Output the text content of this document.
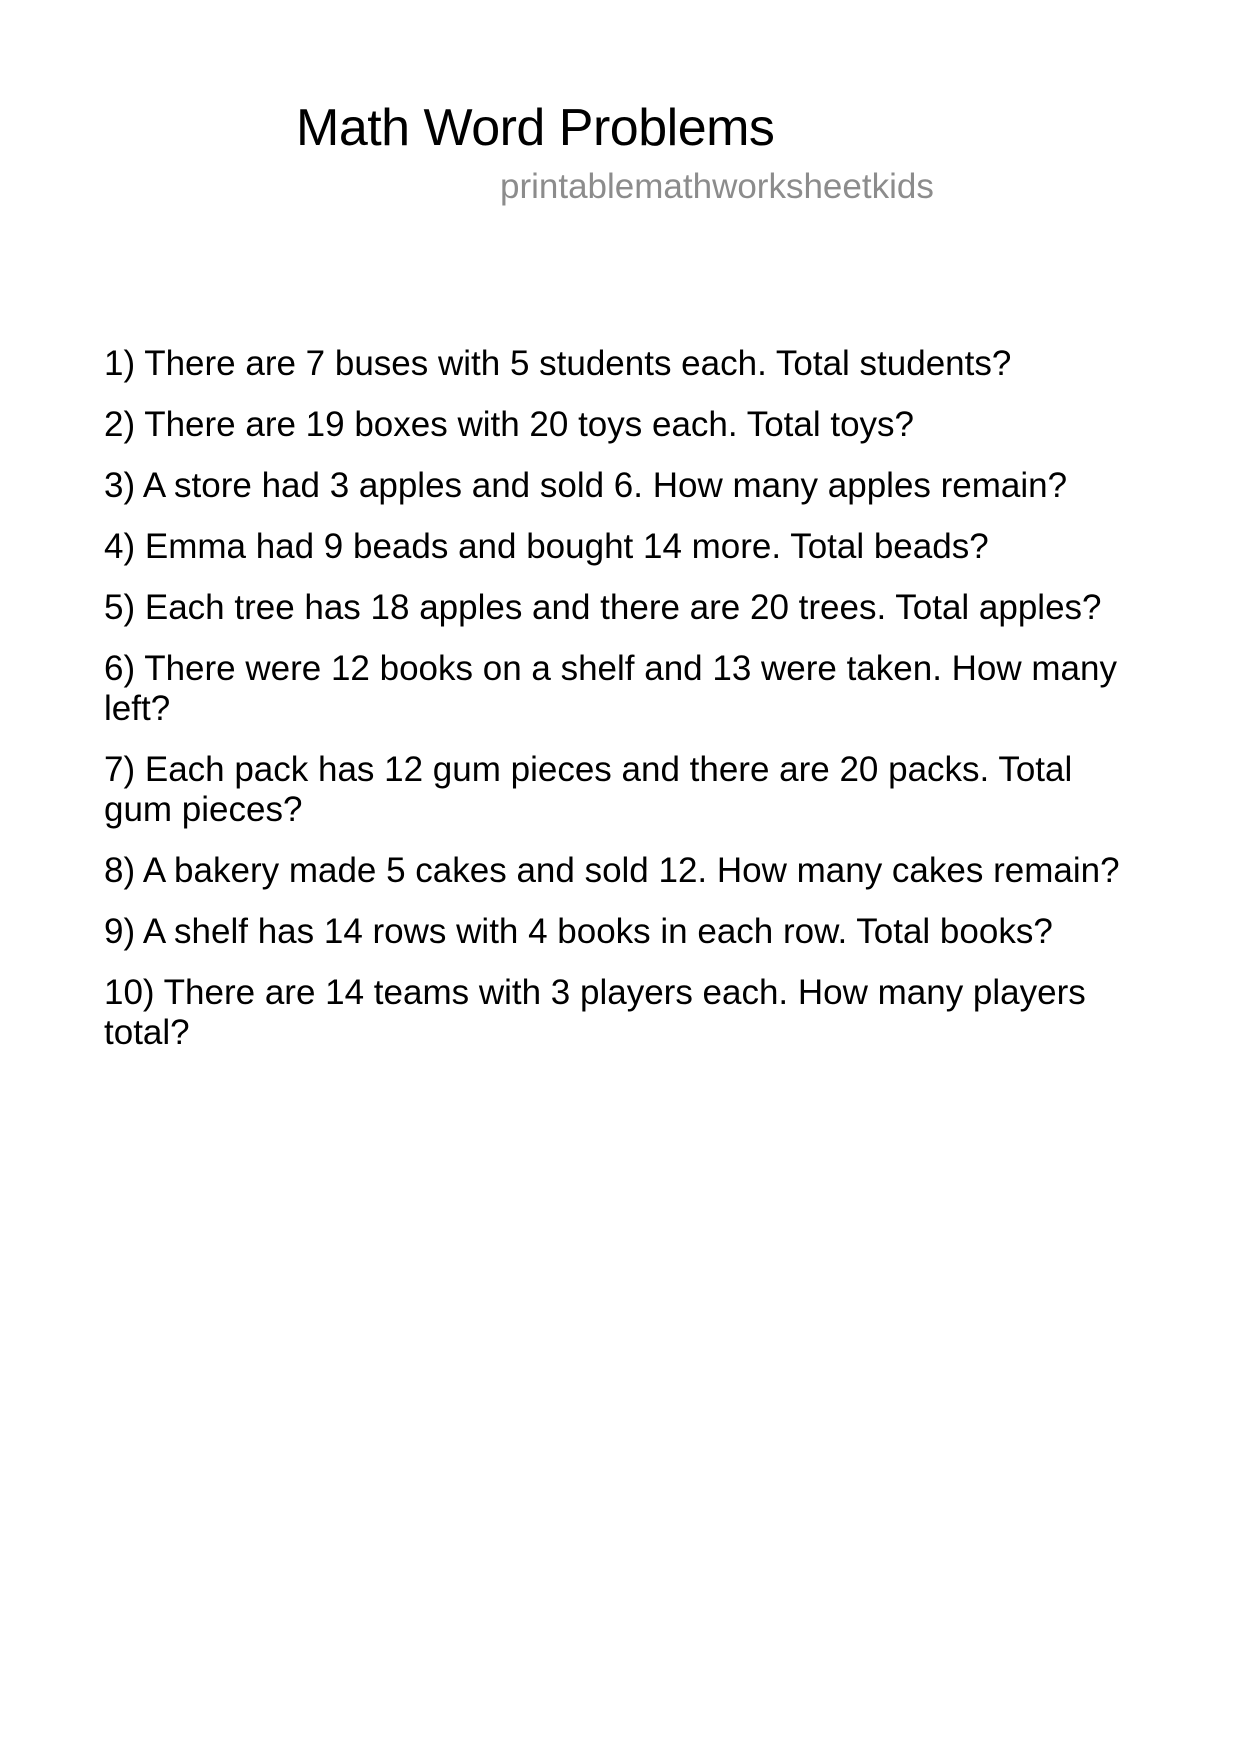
Math Word Problems
printablemathworksheetkids

1) There are 7 buses with 5 students each. Total students?

2) There are 19 boxes with 20 toys each. Total toys?

3) A store had 3 apples and sold 6. How many apples remain?

4) Emma had 9 beads and bought 14 more. Total beads?

5) Each tree has 18 apples and there are 20 trees. Total apples?

6) There were 12 books on a shelf and 13 were taken. How many left?

7) Each pack has 12 gum pieces and there are 20 packs. Total gum pieces?

8) A bakery made 5 cakes and sold 12. How many cakes remain?

9) A shelf has 14 rows with 4 books in each row. Total books?

10) There are 14 teams with 3 players each. How many players total?
